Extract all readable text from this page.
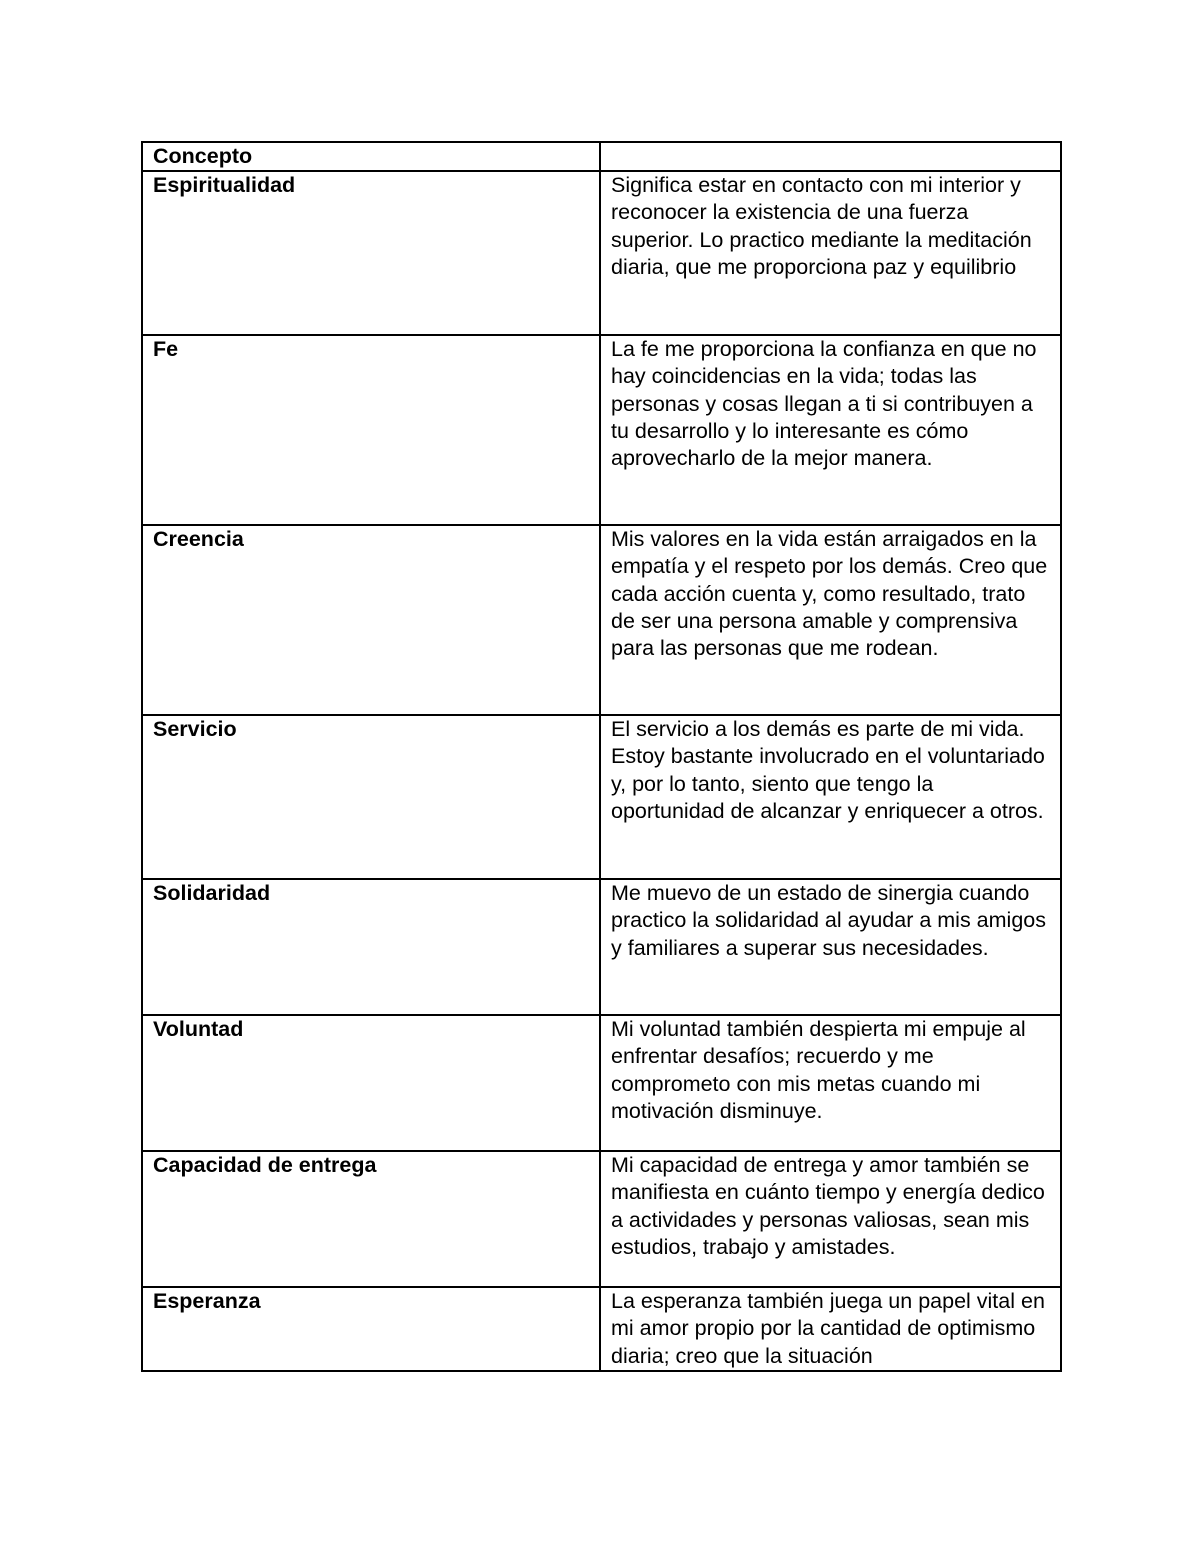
Concepto	
Espiritualidad	Significa estar en contacto con mi interior y reconocer la existencia de una fuerza superior. Lo practico mediante la meditación diaria, que me proporciona paz y equilibrio
Fe	La fe me proporciona la confianza en que no hay coincidencias en la vida; todas las personas y cosas llegan a ti si contribuyen a tu desarrollo y lo interesante es cómo aprovecharlo de la mejor manera.
Creencia	Mis valores en la vida están arraigados en la empatía y el respeto por los demás. Creo que cada acción cuenta y, como resultado, trato de ser una persona amable y comprensiva para las personas que me rodean.
Servicio	El servicio a los demás es parte de mi vida. Estoy bastante involucrado en el voluntariado y, por lo tanto, siento que tengo la oportunidad de alcanzar y enriquecer a otros.
Solidaridad	Me muevo de un estado de sinergia cuando practico la solidaridad al ayudar a mis amigos y familiares a superar sus necesidades.
Voluntad	Mi voluntad también despierta mi empuje al enfrentar desafíos; recuerdo y me comprometo con mis metas cuando mi motivación disminuye.
Capacidad de entrega	Mi capacidad de entrega y amor también se manifiesta en cuánto tiempo y energía dedico a actividades y personas valiosas, sean mis estudios, trabajo y amistades.
Esperanza	La esperanza también juega un papel vital en mi amor propio por la cantidad de optimismo diaria; creo que la situación
